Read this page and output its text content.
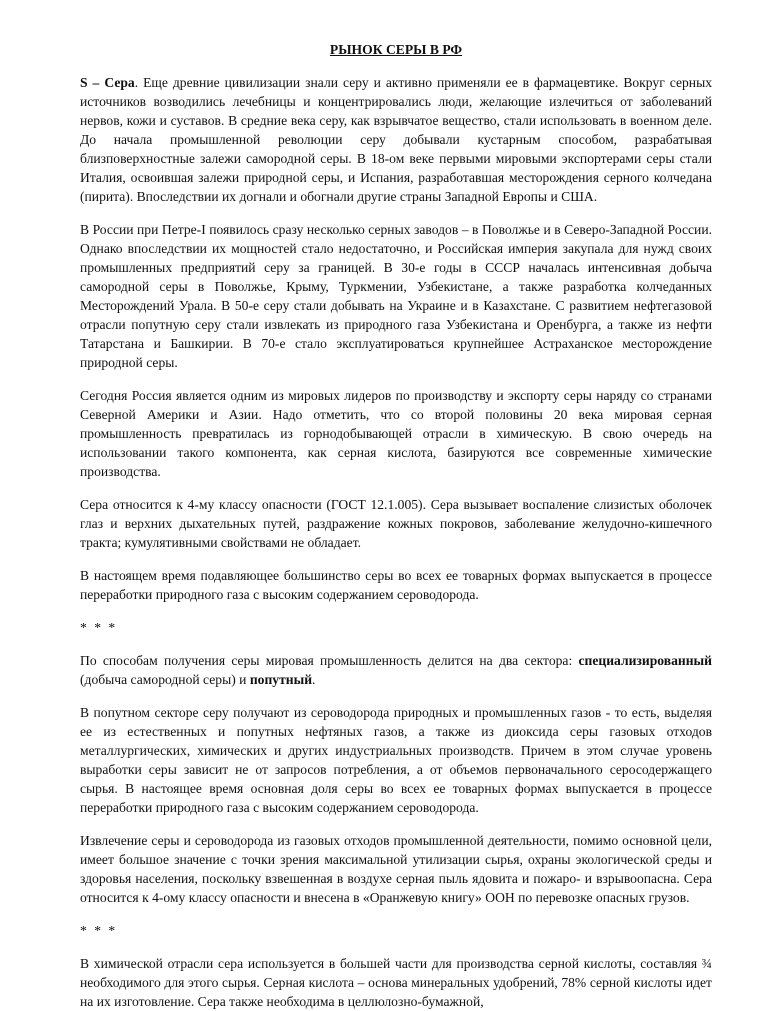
РЫНОК СЕРЫ В РФ

S – Сера. Еще древние цивилизации знали серу и активно применяли ее в фармацевтике. Вокруг серных источников возводились лечебницы и концентрировались люди, желающие излечиться от заболеваний нервов, кожи и суставов. В средние века серу, как взрывчатое вещество, стали использовать в военном деле. До начала промышленной революции серу добывали кустарным способом, разрабатывая близповерхностные залежи самородной серы. В 18-ом веке первыми мировыми экспортерами серы стали Италия, освоившая залежи природной серы, и Испания, разработавшая месторождения серного колчедана (пирита). Впоследствии их догнали и обогнали другие страны Западной Европы и США.

В России при Петре-I появилось сразу несколько серных заводов – в Поволжье и в Северо-Западной России. Однако впоследствии их мощностей стало недостаточно, и Российская империя закупала для нужд своих промышленных предприятий серу за границей. В 30-е годы в СССР началась интенсивная добыча самородной серы в Поволжье, Крыму, Туркмении, Узбекистане, а также разработка колчеданных Месторождений Урала. В 50-е серу стали добывать на Украине и в Казахстане. С развитием нефтегазовой отрасли попутную серу стали извлекать из природного газа Узбекистана и Оренбурга, а также из нефти Татарстана и Башкирии. В 70-е стало эксплуатироваться крупнейшее Астраханское месторождение природной серы.

Сегодня Россия является одним из мировых лидеров по производству и экспорту серы наряду со странами Северной Америки и Азии. Надо отметить, что со второй половины 20 века мировая серная промышленность превратилась из горнодобывающей отрасли в химическую. В свою очередь на использовании такого компонента, как серная кислота, базируются все современные химические производства.

Сера относится к 4-му классу опасности (ГОСТ 12.1.005). Сера вызывает воспаление слизистых оболочек глаз и верхних дыхательных путей, раздражение кожных покровов, заболевание желудочно-кишечного тракта; кумулятивными свойствами не обладает.

В настоящем время подавляющее большинство серы во всех ее товарных формах выпускается в процессе переработки природного газа с высоким содержанием сероводорода.

* * *

По способам получения серы мировая промышленность делится на два сектора: специализированный (добыча самородной серы) и попутный.

В попутном секторе серу получают из сероводорода природных и промышленных газов - то есть, выделяя ее из естественных и попутных нефтяных газов, а также из диоксида серы газовых отходов металлургических, химических и других индустриальных производств. Причем в этом случае уровень выработки серы зависит не от запросов потребления, а от объемов первоначального серосодержащего сырья. В настоящее время основная доля серы во всех ее товарных формах выпускается в процессе переработки природного газа с высоким содержанием сероводорода.

Извлечение серы и сероводорода из газовых отходов промышленной деятельности, помимо основной цели, имеет большое значение с точки зрения максимальной утилизации сырья, охраны экологической среды и здоровья населения, поскольку взвешенная в воздухе серная пыль ядовита и пожаро- и взрывоопасна. Сера относится к 4-ому классу опасности и внесена в «Оранжевую книгу» ООН по перевозке опасных грузов.

* * *

В химической отрасли сера используется в большей части для производства серной кислоты, составляя ¾ необходимого для этого сырья. Серная кислота – основа минеральных удобрений, 78% серной кислоты идет на их изготовление. Сера также необходима в целлюлозно-бумажной,
